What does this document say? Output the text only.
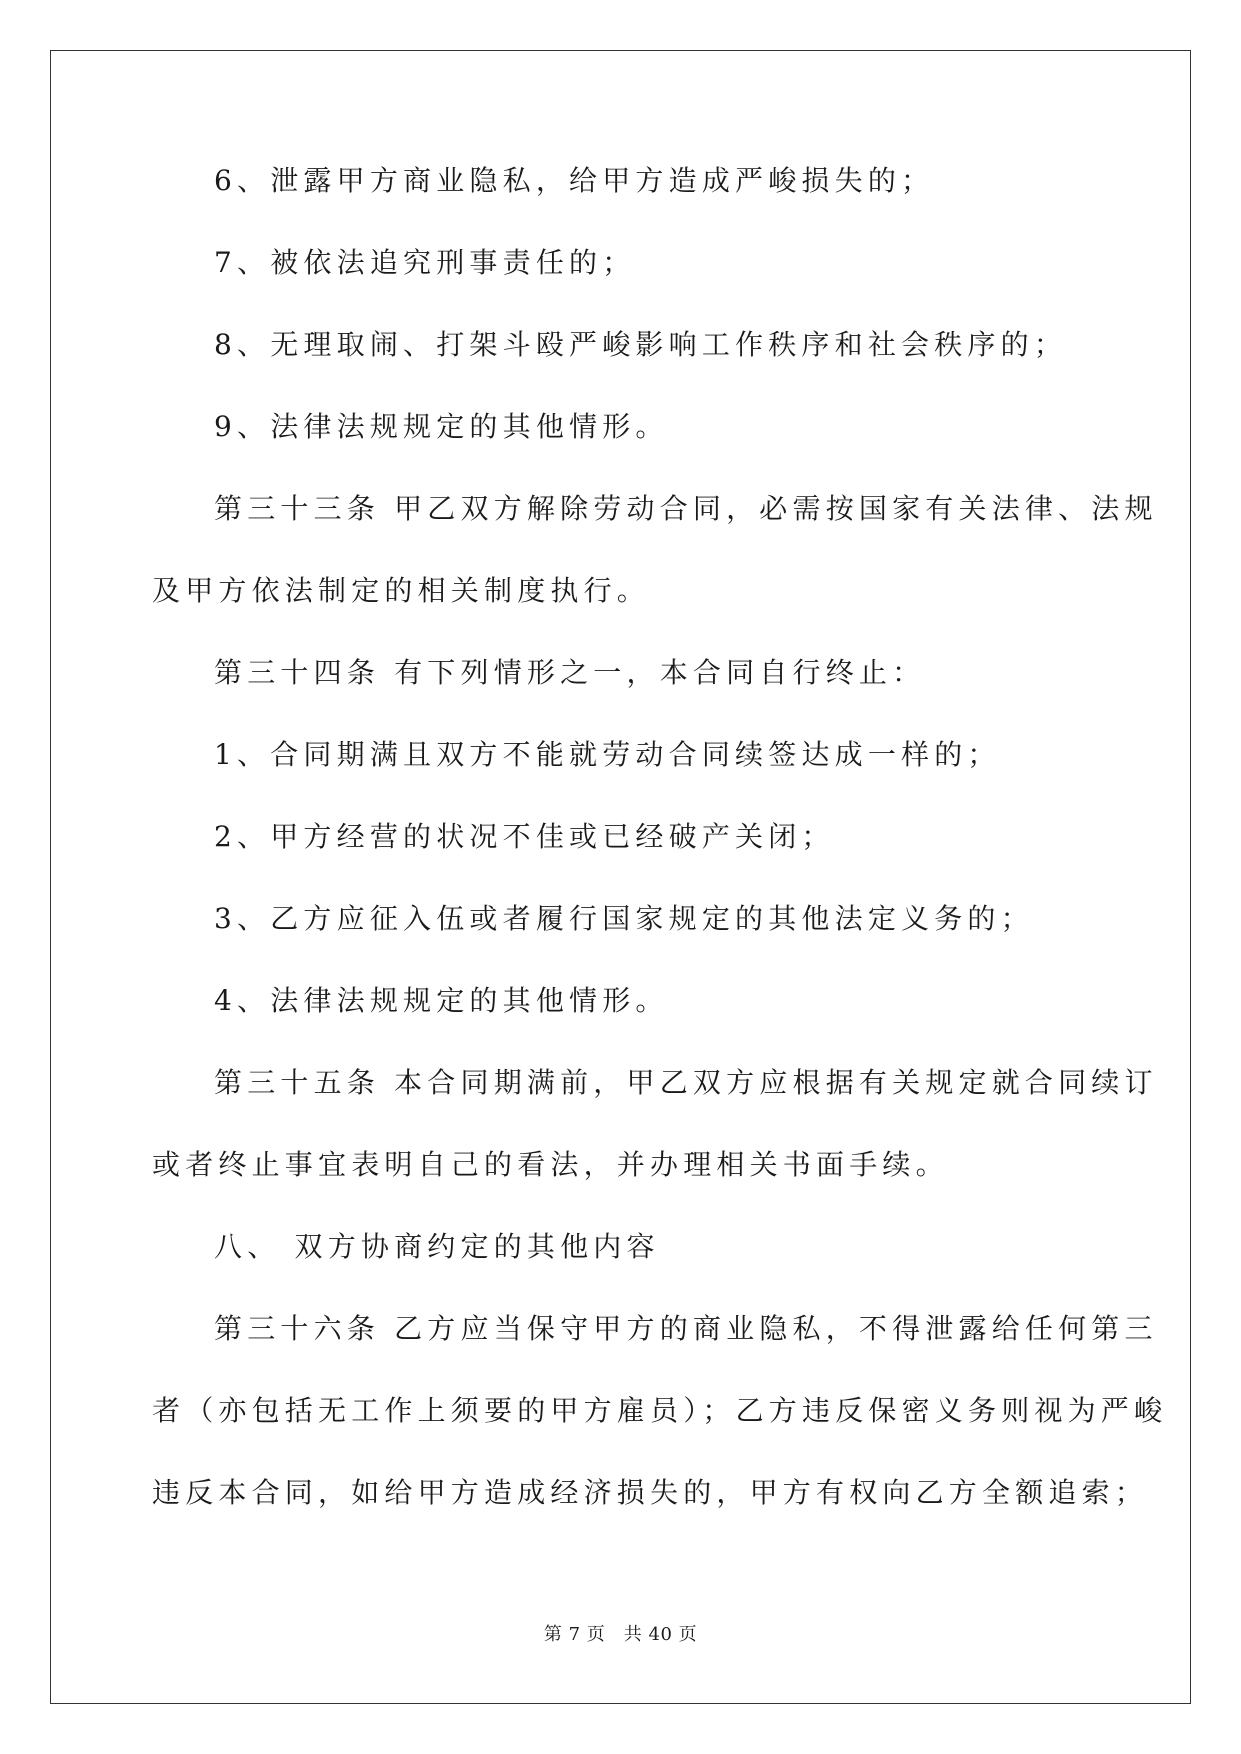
6、泄露甲方商业隐私，给甲方造成严峻损失的；
7、被依法追究刑事责任的；
8、无理取闹、打架斗殴严峻影响工作秩序和社会秩序的；
9、法律法规规定的其他情形。
第三十三条 甲乙双方解除劳动合同，必需按国家有关法律、法规
及甲方依法制定的相关制度执行。
第三十四条 有下列情形之一，本合同自行终止：
1、合同期满且双方不能就劳动合同续签达成一样的；
2、甲方经营的状况不佳或已经破产关闭；
3、乙方应征入伍或者履行国家规定的其他法定义务的；
4、法律法规规定的其他情形。
第三十五条 本合同期满前，甲乙双方应根据有关规定就合同续订
或者终止事宜表明自己的看法，并办理相关书面手续。
八、 双方协商约定的其他内容
第三十六条 乙方应当保守甲方的商业隐私，不得泄露给任何第三
者（亦包括无工作上须要的甲方雇员）；乙方违反保密义务则视为严峻
违反本合同，如给甲方造成经济损失的，甲方有权向乙方全额追索；
第 7 页　共 40 页
